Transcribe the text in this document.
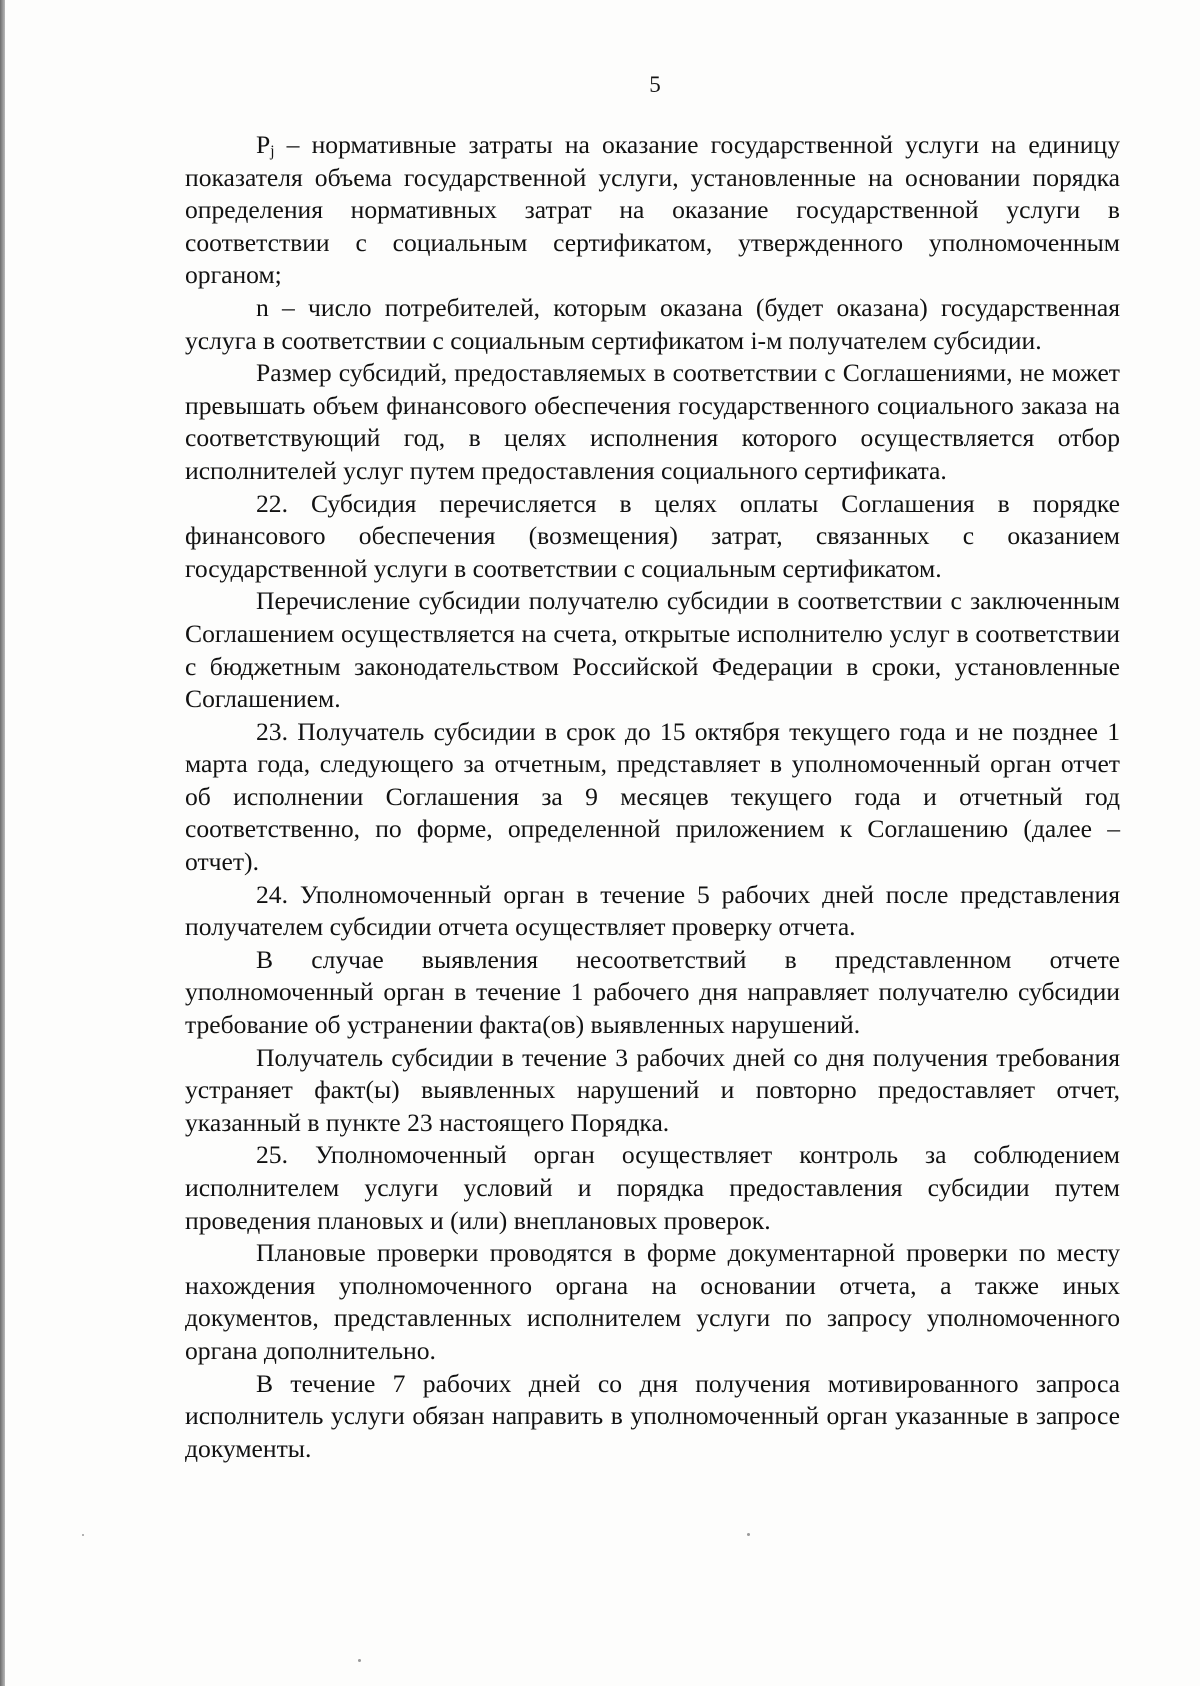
5

Pj – нормативные затраты на оказание государственной услуги на единицу показателя объема государственной услуги, установленные на основании порядка определения нормативных затрат на оказание государственной услуги в соответствии с социальным сертификатом, утвержденного уполномоченным органом;

n – число потребителей, которым оказана (будет оказана) государственная услуга в соответствии с социальным сертификатом i-м получателем субсидии.

Размер субсидий, предоставляемых в соответствии с Соглашениями, не может превышать объем финансового обеспечения государственного социального заказа на соответствующий год, в целях исполнения которого осуществляется отбор исполнителей услуг путем предоставления социального сертификата.

22. Субсидия перечисляется в целях оплаты Соглашения в порядке финансового обеспечения (возмещения) затрат, связанных с оказанием государственной услуги в соответствии с социальным сертификатом.

Перечисление субсидии получателю субсидии в соответствии с заключенным Соглашением осуществляется на счета, открытые исполнителю услуг в соответствии с бюджетным законодательством Российской Федерации в сроки, установленные Соглашением.

23. Получатель субсидии в срок до 15 октября текущего года и не позднее 1 марта года, следующего за отчетным, представляет в уполномоченный орган отчет об исполнении Соглашения за 9 месяцев текущего года и отчетный год соответственно, по форме, определенной приложением к Соглашению (далее – отчет).

24. Уполномоченный орган в течение 5 рабочих дней после представления получателем субсидии отчета осуществляет проверку отчета.

В случае выявления несоответствий в представленном отчете уполномоченный орган в течение 1 рабочего дня направляет получателю субсидии требование об устранении факта(ов) выявленных нарушений.

Получатель субсидии в течение 3 рабочих дней со дня получения требования устраняет факт(ы) выявленных нарушений и повторно предоставляет отчет, указанный в пункте 23 настоящего Порядка.

25. Уполномоченный орган осуществляет контроль за соблюдением исполнителем услуги условий и порядка предоставления субсидии путем проведения плановых и (или) внеплановых проверок.

Плановые проверки проводятся в форме документарной проверки по месту нахождения уполномоченного органа на основании отчета, а также иных документов, представленных исполнителем услуги по запросу уполномоченного органа дополнительно.

В течение 7 рабочих дней со дня получения мотивированного запроса исполнитель услуги обязан направить в уполномоченный орган указанные в запросе документы.
